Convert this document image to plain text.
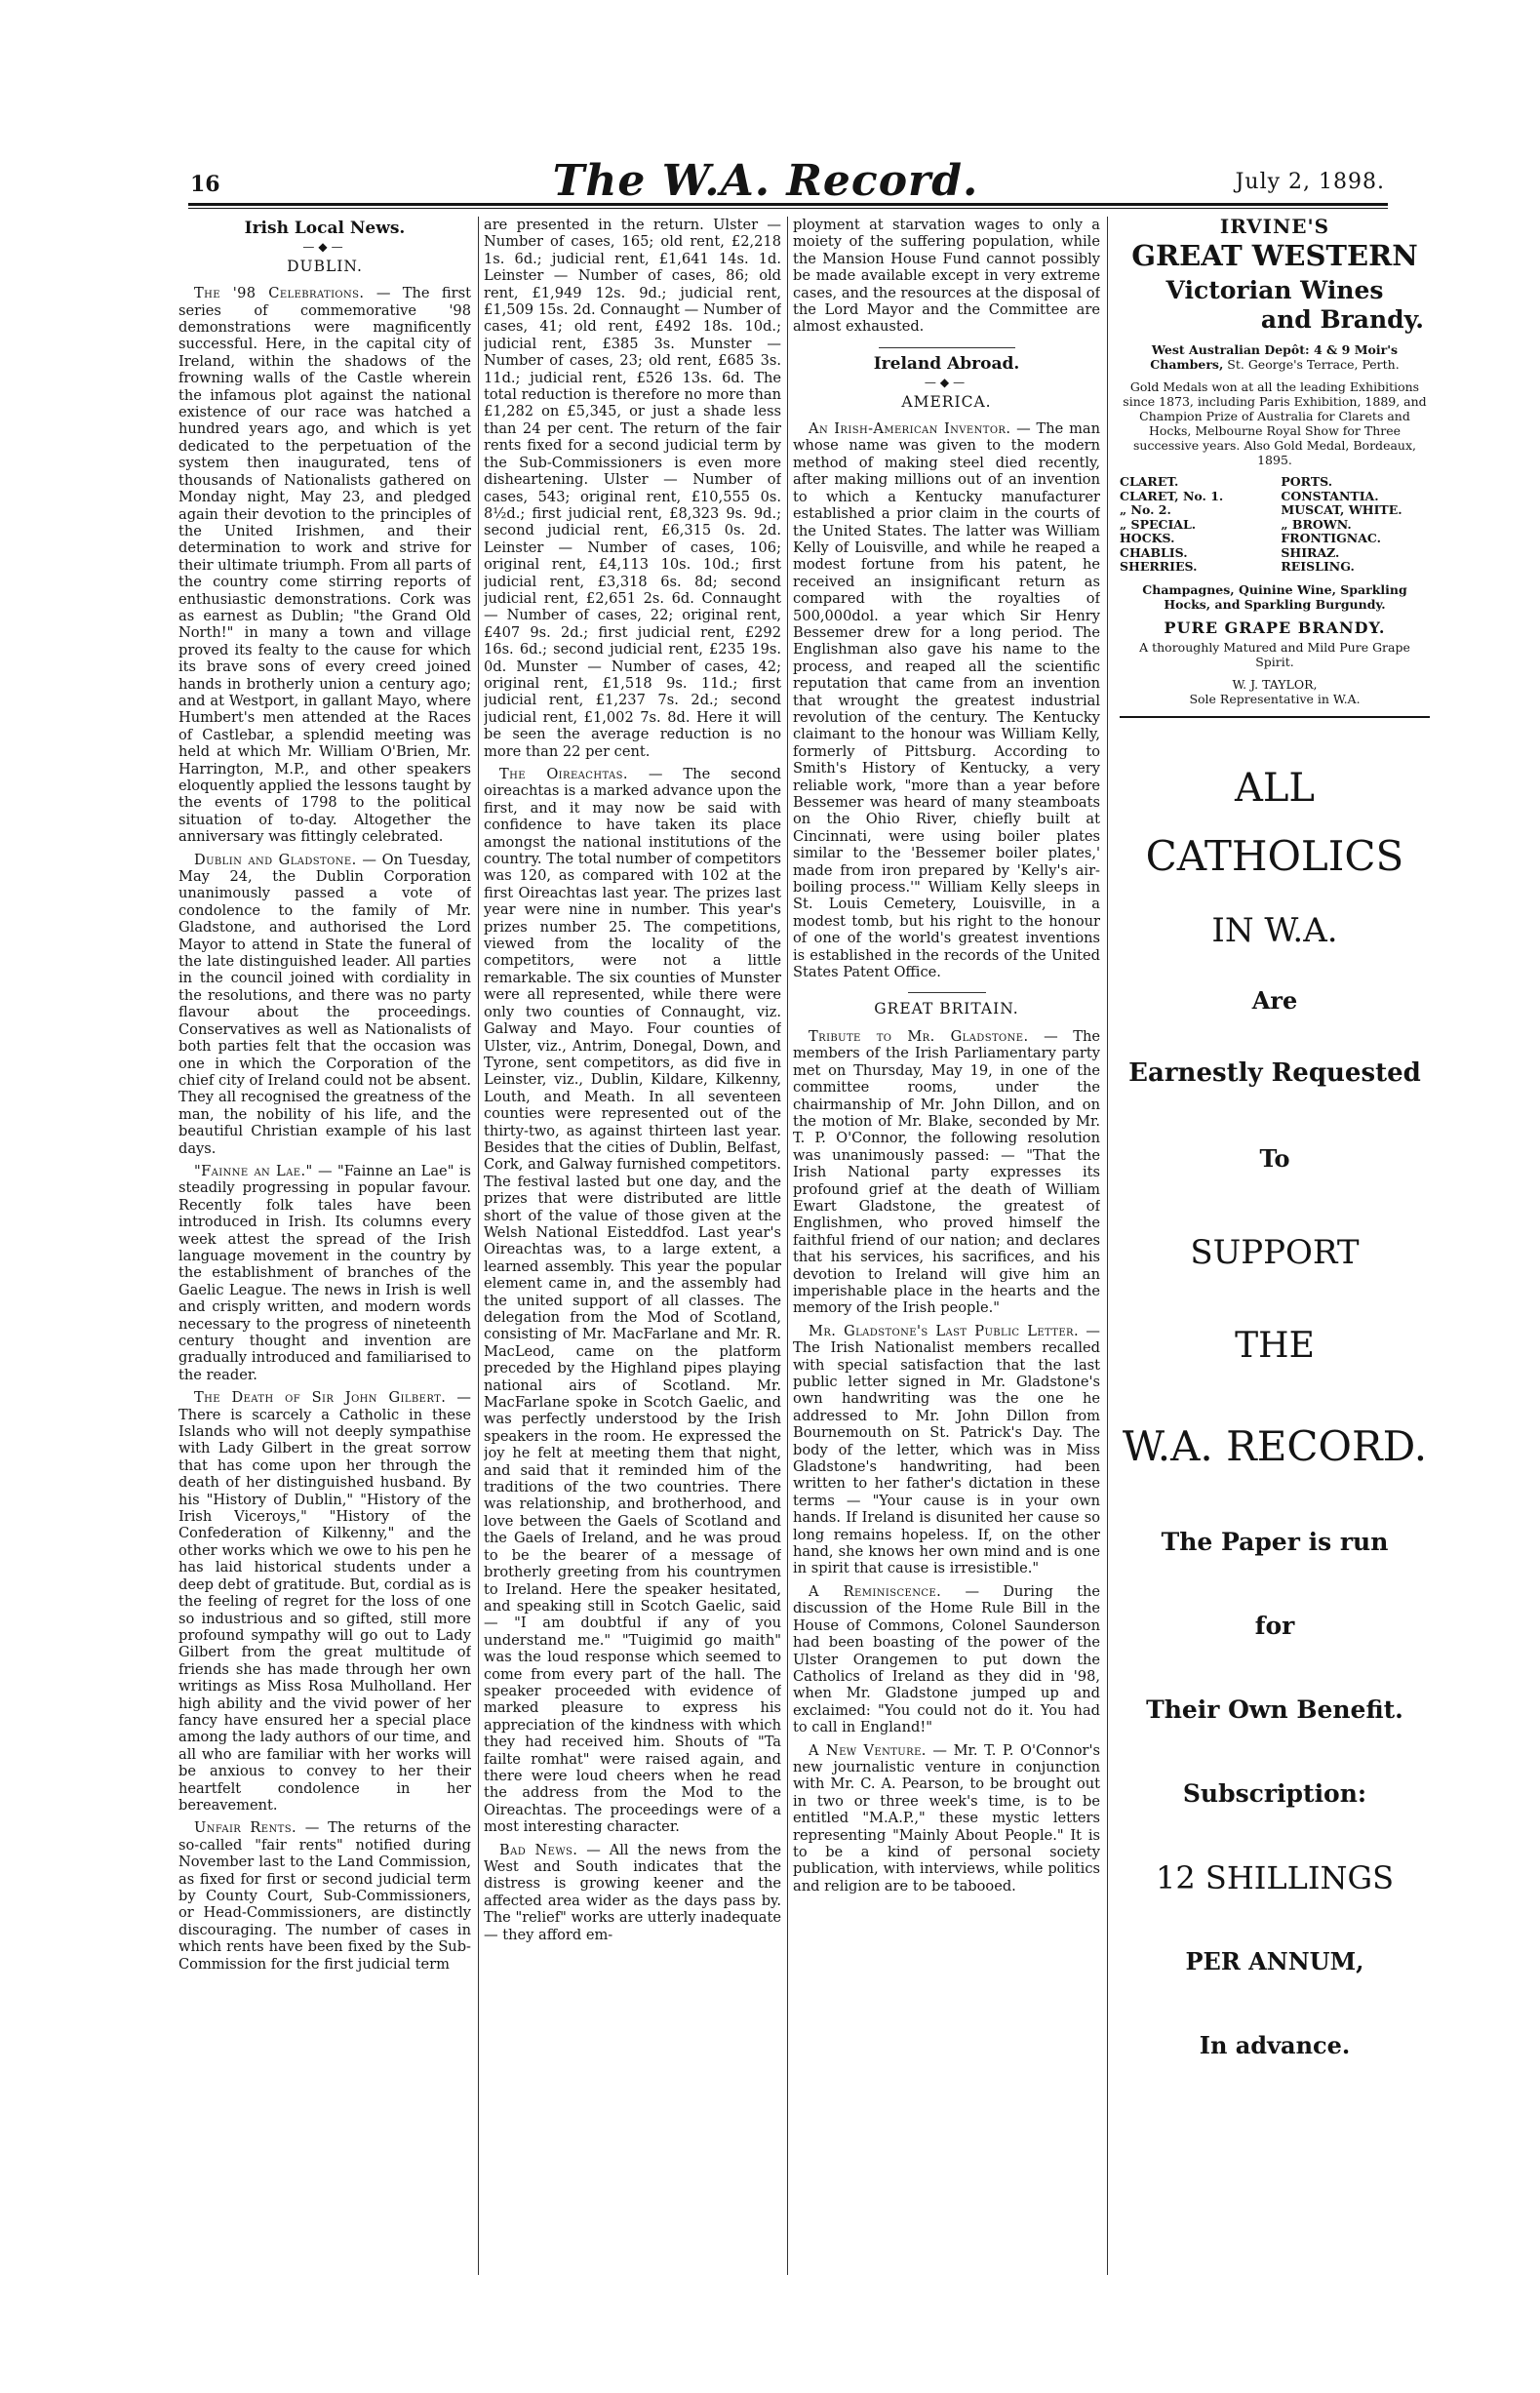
16	The W.A. Record.	July 2, 1898.
Irish Local News.
—◆—
DUBLIN.

The '98 Celebrations. — The first series of commemorative '98 demonstrations were magnificently successful. Here, in the capital city of Ireland, within the shadows of the frowning walls of the Castle wherein the infamous plot against the national existence of our race was hatched a hundred years ago, and which is yet dedicated to the perpetuation of the system then inaugurated, tens of thousands of Nationalists gathered on Monday night, May 23, and pledged again their devotion to the principles of the United Irishmen, and their determination to work and strive for their ultimate triumph. From all parts of the country come stirring reports of enthusiastic demonstrations. Cork was as earnest as Dublin; "the Grand Old North!" in many a town and village proved its fealty to the cause for which its brave sons of every creed joined hands in brotherly union a century ago; and at Westport, in gallant Mayo, where Humbert's men attended at the Races of Castlebar, a splendid meeting was held at which Mr. William O'Brien, Mr. Harrington, M.P., and other speakers eloquently applied the lessons taught by the events of 1798 to the political situation of to-day. Altogether the anniversary was fittingly celebrated.

Dublin and Gladstone. — On Tuesday, May 24, the Dublin Corporation unanimously passed a vote of condolence to the family of Mr. Gladstone, and authorised the Lord Mayor to attend in State the funeral of the late distinguished leader. All parties in the council joined with cordiality in the resolutions, and there was no party flavour about the proceedings. Conservatives as well as Nationalists of both parties felt that the occasion was one in which the Corporation of the chief city of Ireland could not be absent. They all recognised the greatness of the man, the nobility of his life, and the beautiful Christian example of his last days.

"Fainne an Lae." — "Fainne an Lae" is steadily progressing in popular favour. Recently folk tales have been introduced in Irish. Its columns every week attest the spread of the Irish language movement in the country by the establishment of branches of the Gaelic League. The news in Irish is well and crisply written, and modern words necessary to the progress of nineteenth century thought and invention are gradually introduced and familiarised to the reader.

The Death of Sir John Gilbert. — There is scarcely a Catholic in these Islands who will not deeply sympathise with Lady Gilbert in the great sorrow that has come upon her through the death of her distinguished husband. By his "History of Dublin," "History of the Irish Viceroys," "History of the Confederation of Kilkenny," and the other works which we owe to his pen he has laid historical students under a deep debt of gratitude. But, cordial as is the feeling of regret for the loss of one so industrious and so gifted, still more profound sympathy will go out to Lady Gilbert from the great multitude of friends she has made through her own writings as Miss Rosa Mulholland. Her high ability and the vivid power of her fancy have ensured her a special place among the lady authors of our time, and all who are familiar with her works will be anxious to convey to her their heartfelt condolence in her bereavement.

Unfair Rents. — The returns of the so-called "fair rents" notified during November last to the Land Commission, as fixed for first or second judicial term by County Court, Sub-Commissioners, or Head-Commissioners, are distinctly discouraging. The number of cases in which rents have been fixed by the Sub-Commission for the first judicial term

are presented in the return. Ulster — Number of cases, 165; old rent, £2,218 1s. 6d.; judicial rent, £1,641 14s. 1d. Leinster — Number of cases, 86; old rent, £1,949 12s. 9d.; judicial rent, £1,509 15s. 2d. Connaught — Number of cases, 41; old rent, £492 18s. 10d.; judicial rent, £385 3s. Munster — Number of cases, 23; old rent, £685 3s. 11d.; judicial rent, £526 13s. 6d. The total reduction is therefore no more than £1,282 on £5,345, or just a shade less than 24 per cent. The return of the fair rents fixed for a second judicial term by the Sub-Commissioners is even more disheartening. Ulster — Number of cases, 543; original rent, £10,555 0s. 8½d.; first judicial rent, £8,323 9s. 9d.; second judicial rent, £6,315 0s. 2d. Leinster — Number of cases, 106; original rent, £4,113 10s. 10d.; first judicial rent, £3,318 6s. 8d; second judicial rent, £2,651 2s. 6d. Connaught — Number of cases, 22; original rent, £407 9s. 2d.; first judicial rent, £292 16s. 6d.; second judicial rent, £235 19s. 0d. Munster — Number of cases, 42; original rent, £1,518 9s. 11d.; first judicial rent, £1,237 7s. 2d.; second judicial rent, £1,002 7s. 8d. Here it will be seen the average reduction is no more than 22 per cent.

The Oireachtas. — The second oireachtas is a marked advance upon the first, and it may now be said with confidence to have taken its place amongst the national institutions of the country. The total number of competitors was 120, as compared with 102 at the first Oireachtas last year. The prizes last year were nine in number. This year's prizes number 25. The competitions, viewed from the locality of the competitors, were not a little remarkable. The six counties of Munster were all represented, while there were only two counties of Connaught, viz. Galway and Mayo. Four counties of Ulster, viz., Antrim, Donegal, Down, and Tyrone, sent competitors, as did five in Leinster, viz., Dublin, Kildare, Kilkenny, Louth, and Meath. In all seventeen counties were represented out of the thirty-two, as against thirteen last year. Besides that the cities of Dublin, Belfast, Cork, and Galway furnished competitors. The festival lasted but one day, and the prizes that were distributed are little short of the value of those given at the Welsh National Eisteddfod. Last year's Oireachtas was, to a large extent, a learned assembly. This year the popular element came in, and the assembly had the united support of all classes. The delegation from the Mod of Scotland, consisting of Mr. MacFarlane and Mr. R. MacLeod, came on the platform preceded by the Highland pipes playing national airs of Scotland. Mr. MacFarlane spoke in Scotch Gaelic, and was perfectly understood by the Irish speakers in the room. He expressed the joy he felt at meeting them that night, and said that it reminded him of the traditions of the two countries. There was relationship, and brotherhood, and love between the Gaels of Scotland and the Gaels of Ireland, and he was proud to be the bearer of a message of brotherly greeting from his countrymen to Ireland. Here the speaker hesitated, and speaking still in Scotch Gaelic, said — "I am doubtful if any of you understand me." "Tuigimid go maith" was the loud response which seemed to come from every part of the hall. The speaker proceeded with evidence of marked pleasure to express his appreciation of the kindness with which they had received him. Shouts of "Ta failte romhat" were raised again, and there were loud cheers when he read the address from the Mod to the Oireachtas. The proceedings were of a most interesting character.

Bad News. — All the news from the West and South indicates that the distress is growing keener and the affected area wider as the days pass by. The "relief" works are utterly inadequate — they afford em-

ployment at starvation wages to only a moiety of the suffering population, while the Mansion House Fund cannot possibly be made available except in very extreme cases, and the resources at the disposal of the Lord Mayor and the Committee are almost exhausted.

Ireland Abroad.
—◆—
AMERICA.

An Irish-American Inventor. — The man whose name was given to the modern method of making steel died recently, after making millions out of an invention to which a Kentucky manufacturer established a prior claim in the courts of the United States. The latter was William Kelly of Louisville, and while he reaped a modest fortune from his patent, he received an insignificant return as compared with the royalties of 500,000dol. a year which Sir Henry Bessemer drew for a long period. The Englishman also gave his name to the process, and reaped all the scientific reputation that came from an invention that wrought the greatest industrial revolution of the century. The Kentucky claimant to the honour was William Kelly, formerly of Pittsburg. According to Smith's History of Kentucky, a very reliable work, "more than a year before Bessemer was heard of many steamboats on the Ohio River, chiefly built at Cincinnati, were using boiler plates similar to the 'Bessemer boiler plates,' made from iron prepared by 'Kelly's air-boiling process.'" William Kelly sleeps in St. Louis Cemetery, Louisville, in a modest tomb, but his right to the honour of one of the world's greatest inventions is established in the records of the United States Patent Office.

GREAT BRITAIN.

Tribute to Mr. Gladstone. — The members of the Irish Parliamentary party met on Thursday, May 19, in one of the committee rooms, under the chairmanship of Mr. John Dillon, and on the motion of Mr. Blake, seconded by Mr. T. P. O'Connor, the following resolution was unanimously passed: — "That the Irish National party expresses its profound grief at the death of William Ewart Gladstone, the greatest of Englishmen, who proved himself the faithful friend of our nation; and declares that his services, his sacrifices, and his devotion to Ireland will give him an imperishable place in the hearts and the memory of the Irish people."

Mr. Gladstone's Last Public Letter. — The Irish Nationalist members recalled with special satisfaction that the last public letter signed in Mr. Gladstone's own handwriting was the one he addressed to Mr. John Dillon from Bournemouth on St. Patrick's Day. The body of the letter, which was in Miss Gladstone's handwriting, had been written to her father's dictation in these terms — "Your cause is in your own hands. If Ireland is disunited her cause so long remains hopeless. If, on the other hand, she knows her own mind and is one in spirit that cause is irresistible."

A Reminiscence. — During the discussion of the Home Rule Bill in the House of Commons, Colonel Saunderson had been boasting of the power of the Ulster Orangemen to put down the Catholics of Ireland as they did in '98, when Mr. Gladstone jumped up and exclaimed: "You could not do it. You had to call in England!"

A New Venture. — Mr. T. P. O'Connor's new journalistic venture in conjunction with Mr. C. A. Pearson, to be brought out in two or three week's time, is to be entitled "M.A.P.," these mystic letters representing "Mainly About People." It is to be a kind of personal society publication, with interviews, while politics and religion are to be tabooed.

IRVINE'S
GREAT WESTERN
Victorian Wines
and Brandy.
West Australian Depôt: 4 & 9 Moir's Chambers, St. George's Terrace, Perth.
Gold Medals won at all the leading Exhibitions since 1873, including Paris Exhibition, 1889, and Champion Prize of Australia for Clarets and Hocks, Melbourne Royal Show for Three successive years. Also Gold Medal, Bordeaux, 1895.
CLARET.
CLARET, No. 1.
„ No. 2.
„ SPECIAL.
HOCKS.
CHABLIS.
SHERRIES.
PORTS.
CONSTANTIA.
MUSCAT, WHITE.
„ BROWN.
FRONTIGNAC.
SHIRAZ.
REISLING.
Champagnes, Quinine Wine, Sparkling Hocks, and Sparkling Burgundy.
PURE GRAPE BRANDY.
A thoroughly Matured and Mild Pure Grape Spirit.
W. J. TAYLOR,
Sole Representative in W.A.
ALL
CATHOLICS
IN W.A.
Are
Earnestly Requested
To
SUPPORT
THE
W.A. RECORD.
The Paper is run
for
Their Own Benefit.
Subscription:
12 SHILLINGS
PER ANNUM,
In advance.
